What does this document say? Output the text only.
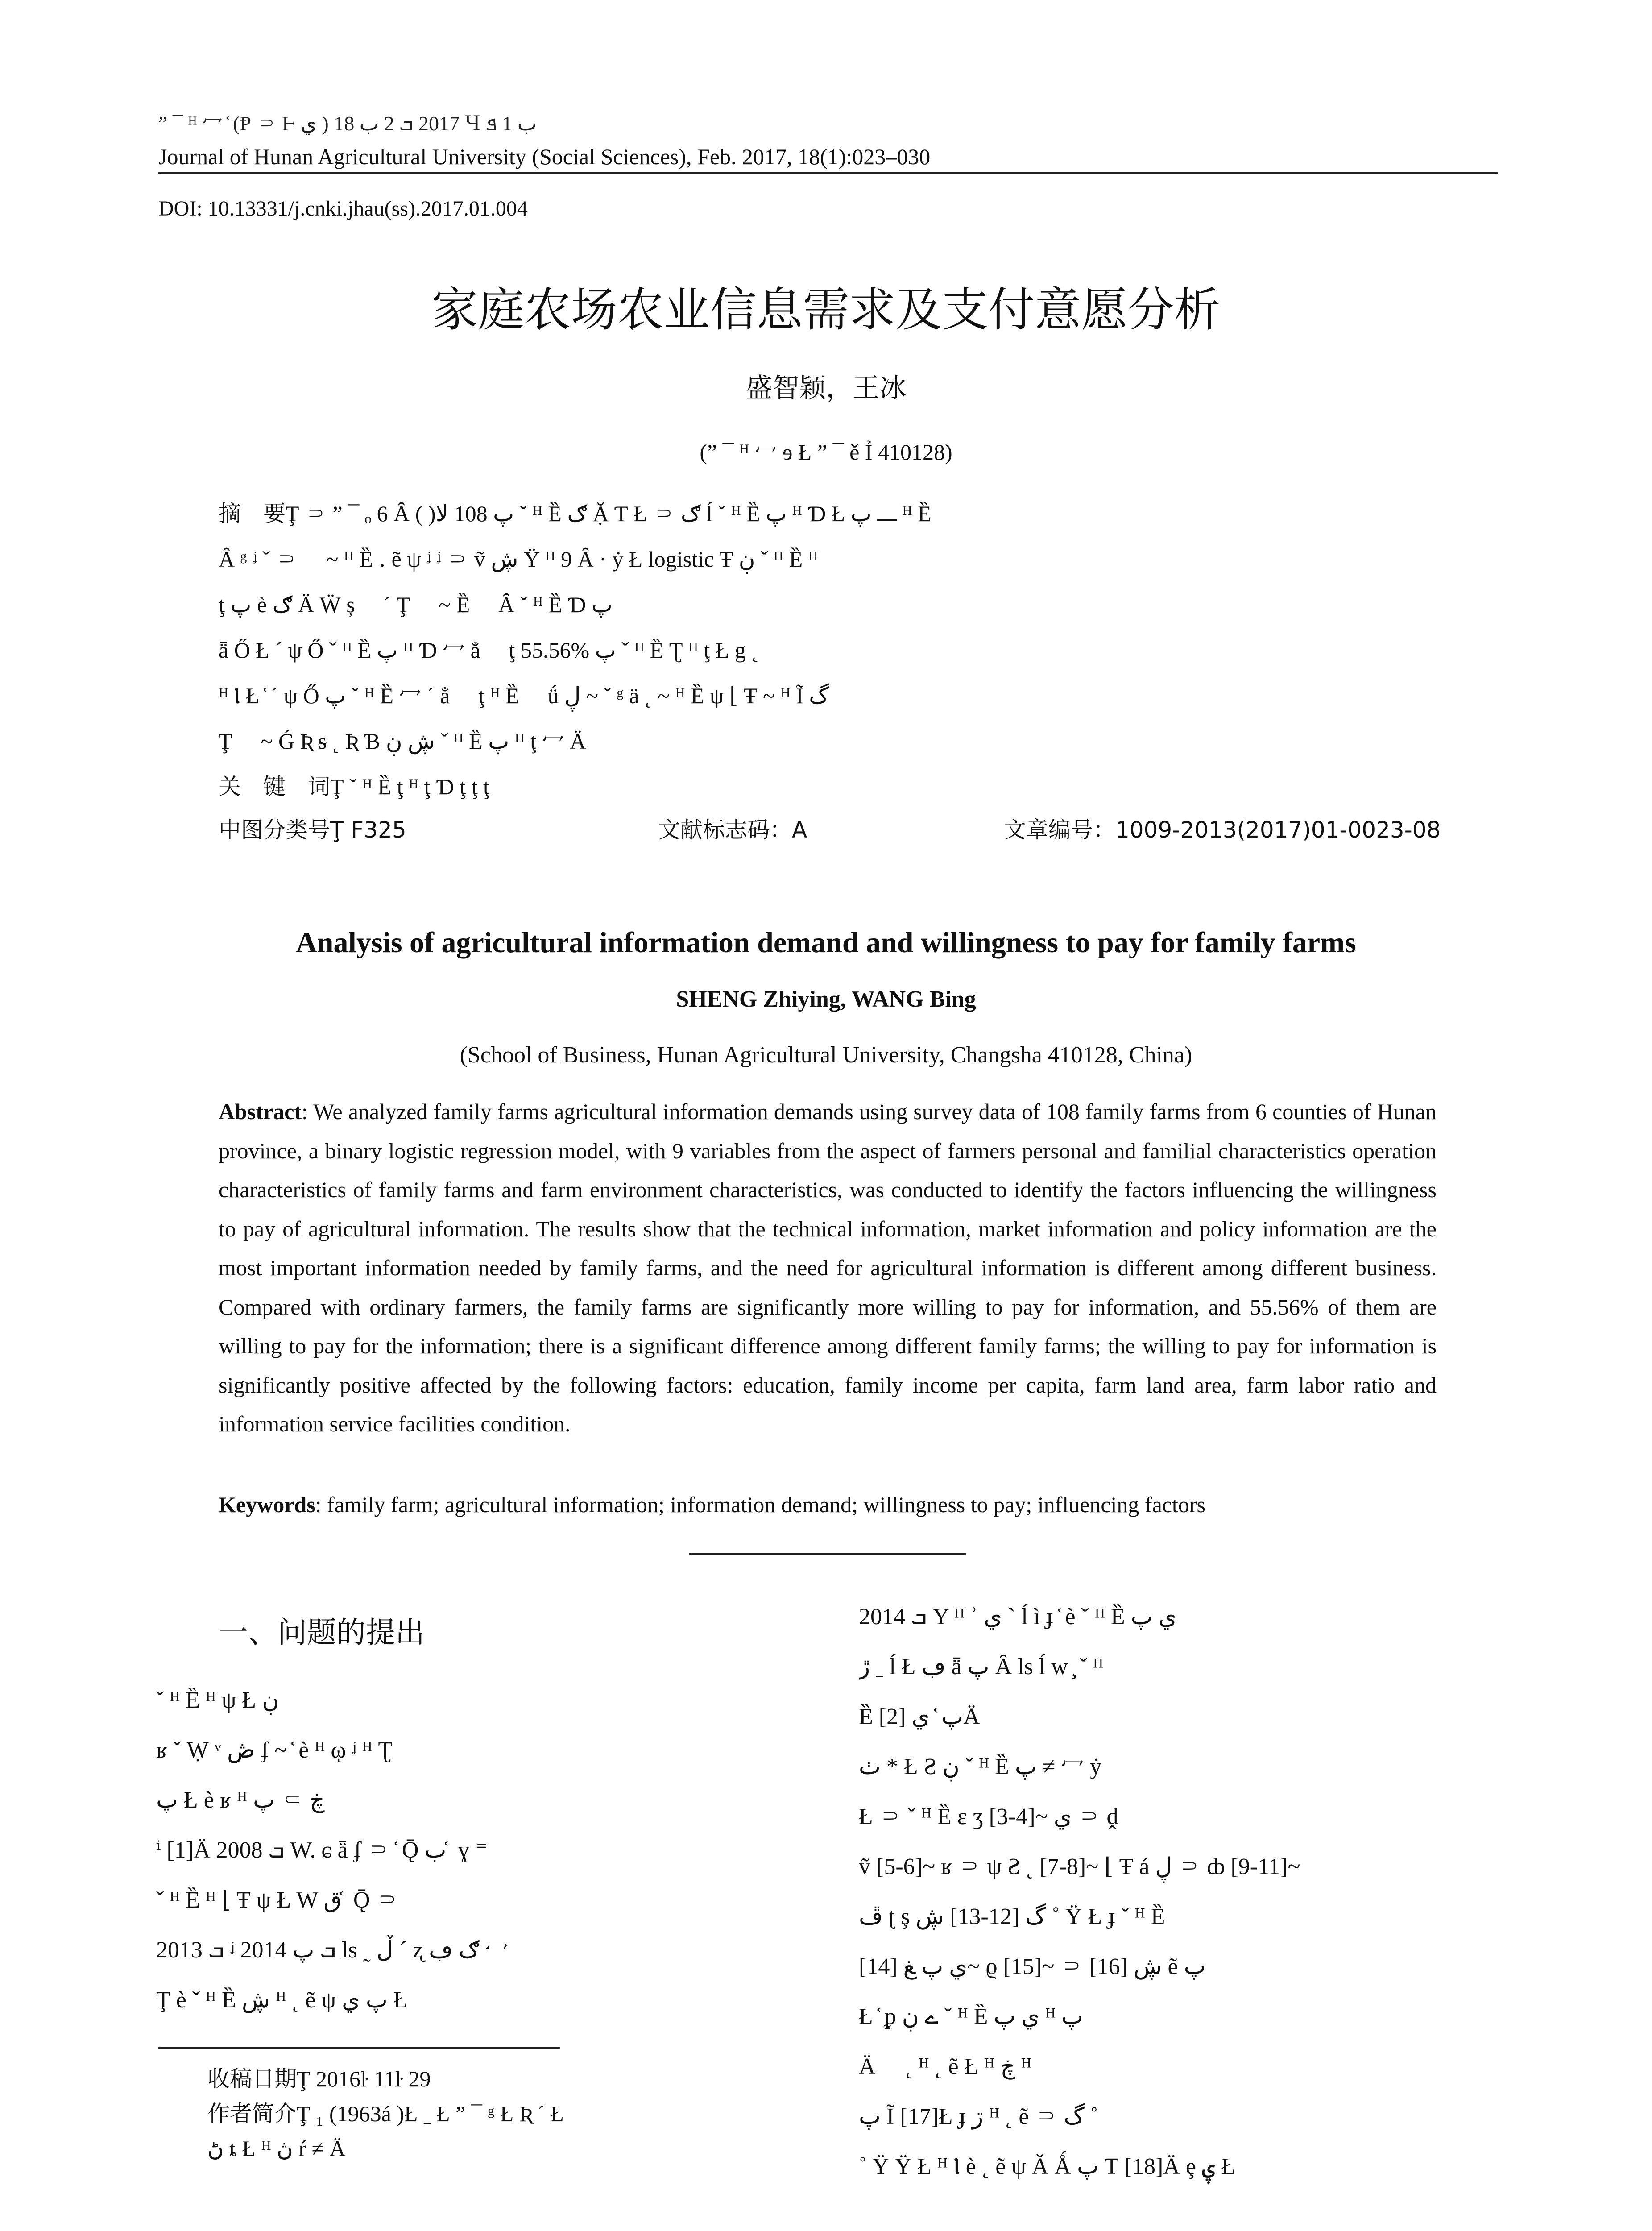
” ¯ ᴴ ⼍ ᷾ (Ᵽ ⸧ Ⱶ ي ) 2017 ܒ 2 ب 18 Ɥ ب 1 ܦ
Journal of Hunan Agricultural University (Social Sciences), Feb. 2017, 18(1):023–030
DOI: 10.13331/j.cnki.jhau(ss).2017.01.004
家庭农场农业信息需求及支付意愿分析
盛智颖，王冰
(” ¯ ᴴ ⼍ ɘ Ł ” ¯ ě Ỉ 410128)
摘　要Ţ ⸧ ” ¯ ₒ 6 Ȃ ( )پ 108 ﻻ ˇ ᴴ Ȅ ګ Ặ Ƭ Ł ⸧ ګ ĺ ˇ ᴴ Ȅ پ ᴴ Ɗ Ł ـــ پ ᴴ Ȅ
Ȃ ᵍ ᶨ ˇ ⸧ ⃞ ~ ᴴ Ȅ ․ ẽ ψ ᶨ ᶨ ⸧ ṽ ڜ Ÿ ᴴ 9 Ȃ · ẏ Ł logistic Ŧ ڹ ˇ ᴴ Ȅ ᴴ
ţ پ è ګ Ä Ẅ ș ⃞ ´ Ţ ⸧ ~ Ȅ ⸧ Ȃ ˇ ᴴ Ȅ Ɗ پ
ǟ Ő Ł ´ ψ Ő ˇ ᴴ Ȅ پ ᴴ Ɗ ⼍ ẳ ⃞ ţ 55.56% پ ˇ ᴴ Ȅ Ʈ ᴴ ţ Ł g ˛
ᴴ Ⲓ Ł ᷾ ´ ψ Ő پ ˇ ᴴ Ȅ ⼍ ´ ẳ ⃞ ţ ᴴ Ȅ ⸧ ǘ ڸ ~ ˇ ᵍ ä ˛ ~ ᴴ Ȅ ψ ⌊ Ŧ ~ ᴴ Ĩ گ
Ţ ⃞ ~ Ǵ Ʀ ᵴ ˛ Ʀ Ɓ ڜ ڹ ˇ ᴴ Ȅ پ ᴴ ţ ⼍ Ä
关　键　词Ţ ˇ ᴴ Ȅ ţ ᴴ ţ Ɗ ţ ţ ţ
中图分类号Ţ F325	文献标志码：A	文章编号：1009-2013(2017)01-0023-08
Analysis of agricultural information demand and willingness to pay for family farms
SHENG Zhiying, WANG Bing
(School of Business, Hunan Agricultural University, Changsha 410128, China)
Abstract: We analyzed family farms agricultural information demands using survey data of 108 family farms from 6 counties of Hunan province, a binary logistic regression model, with 9 variables from the aspect of farmers personal and familial characteristics operation characteristics of family farms and farm environment characteristics, was conducted to identify the factors influencing the willingness to pay of agricultural information. The results show that the technical information, market information and policy information are the most important information needed by family farms, and the need for agricultural information is different among different business. Compared with ordinary farmers, the family farms are significantly more willing to pay for information, and 55.56% of them are willing to pay for the information; there is a significant difference among different family farms; the willing to pay for information is significantly positive affected by the following factors: education, family income per capita, farm land area, farm labor ratio and information service facilities condition.
Keywords: family farm; agricultural information; information demand; willingness to pay; influencing factors
一、问题的提出
ˇ ᴴ Ȅ ᴴ ψ Ł ڹ ⃞
ʁ ˇ Ẉ ᵛ ڞ ʄ ~ ᷾ è ᴴ ῳ ᶨ ᴴ Ʈ
پ Ł è ʁ ᴴ ڿ ⸧ پ
ⁱ [1]Ä 2008 ܒ W. ɕ ǟ ʄ ⸧ ᷾ Ǭ ب ᷾ ɣ ⁼
ˇ ᴴ Ȅ ᴴ ⌊ Ŧ ψ Ł W ق ᷾ Ǭ ⸧
2013 ܒ ᶨ 2014 ܒ پ ls ˷ ڵ ´ ʐ ګ ڢ ⼍
Ţ è ˇ ᴴ Ȅ ڜ ᴴ ˛ ẽ ψ پ ي Ł
2014 ܒ Y ᴴ ʾ ي ˋ ĺ ì ɟ ᷾ è ˇ ᴴ Ȅ ي پ
ڙ ˍ ĺ Ł ڢ ǟ پ Ȃ ls ĺ w ̧ ˇ ᴴ
Ȅ پ ᷾ ي [2]Ä
ٺ * Ł Ƨ ڹ ˇ ᴴ Ȅ پ ≠ ⼍ ẏ
Ł ⸧ ˇ ᴴ Ȅ ɛ ʒ [3-4]~ ي ⸧ ḓ
ṽ [5-6]~ ʁ ⸧ ψ Ƨ ˛ [7-8]~ ⌊ Ŧ á ڸ ⸧ ȸ [9-11]~
ڦ ʈ ş گ [12-13] ڜ ˚ Ÿ Ł ɟ ˇ ᴴ Ȅ
ي پ ﻎ [14]~ ϱ [15]~ ⸧ [16] ڜ ẽ پ
Ł ᷾ ᵱ ے ڹ ˇ ᴴ Ȅ ي پ ᴴ پ
Ä ⃞ ˛ ᴴ ˛ ẽ Ł ᴴ ڿ ᴴ
پ Ĩ [17]Ł ɟ ڗ ᴴ ˛ ẽ ⸧ گ ˚
˚ Ÿ Ÿ Ł ᴴ Ⲓ è ˛ ẽ ψ Ǎ Ǻ پ Ƭ [18]Ä ȩ ۑ Ł
收稿日期Ţ 2016ŀ 11ŀ 29
作者简介Ţ ₁ (1963á )Ł ˍ Ł ” ¯ ᵍ Ł Ʀ ´ Ł
ڻ ȶ Ł ᴴ ڽ ŕ ≠ Ä
